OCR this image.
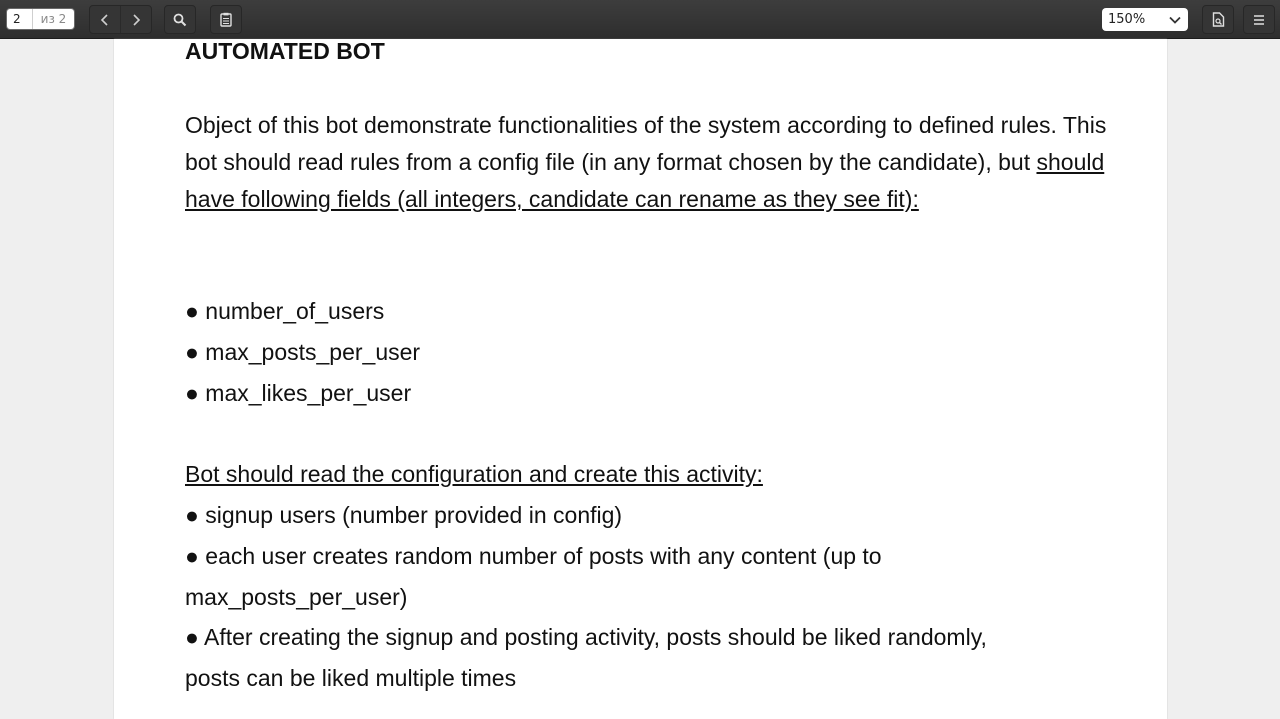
2	из 2	150%
AUTOMATED BOT
Object of this bot demonstrate functionalities of the system according to defined rules. This bot should read rules from a config file (in any format chosen by the candidate), but should have following fields (all integers, candidate can rename as they see fit):
● number_of_users
● max_posts_per_user
● max_likes_per_user
Bot should read the configuration and create this activity:
● signup users (number provided in config)
● each user creates random number of posts with any content (up to
max_posts_per_user)
● After creating the signup and posting activity, posts should be liked randomly,
posts can be liked multiple times
